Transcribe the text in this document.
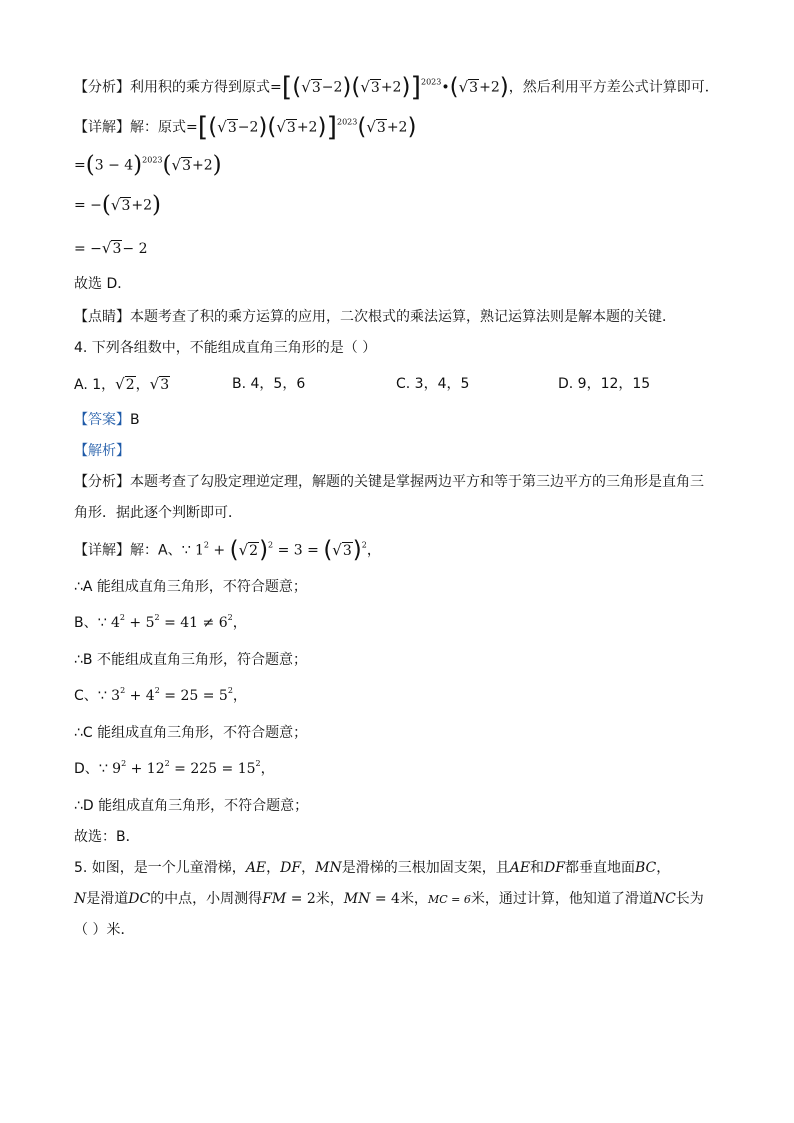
【分析】利用积的乘方得到原式$=[(√3-2)(√3+2)]^{2023}•(√3+2)$，然后利用平方差公式计算即可．
【详解】解：原式$=[(√3-2)(√3+2)]^{2023}(√3+2)$
$=(3 - 4)^{2023}(√3+2)$
= −(√3+2)
= −√3− 2
故选 D．
【点睛】本题考查了积的乘方运算的应用，二次根式的乘法运算，熟记运算法则是解本题的关键．
4. 下列各组数中，不能组成直角三角形的是（ ）
A. 1，√2，√3	B. 4，5，6	C. 3，4，5	D. 9，12，15
【答案】B
【解析】
【分析】本题考查了勾股定理逆定理，解题的关键是掌握两边平方和等于第三边平方的三角形是直角三
角形．据此逐个判断即可．
【详解】解：A、∵ $1^2 + (√2)^2 = 3 = (√3)^2$，
∴A 能组成直角三角形，不符合题意；
B、∵ $4^2 + 5^2 = 41 \ne 6^2$，
∴B 不能组成直角三角形，符合题意；
C、∵ $3^2 + 4^2 = 25 = 5^2$，
∴C 能组成直角三角形，不符合题意；
D、∵ $9^2 + 12^2 = 225 = 15^2$，
∴D 能组成直角三角形，不符合题意；
故选：B．
5. 如图，是一个儿童滑梯，AE，DF，MN是滑梯的三根加固支架，且AE和DF都垂直地面BC，
N是滑道DC的中点，小周测得FM = 2米，MN = 4米，MC = 6米，通过计算，他知道了滑道NC长为
（ ）米．
